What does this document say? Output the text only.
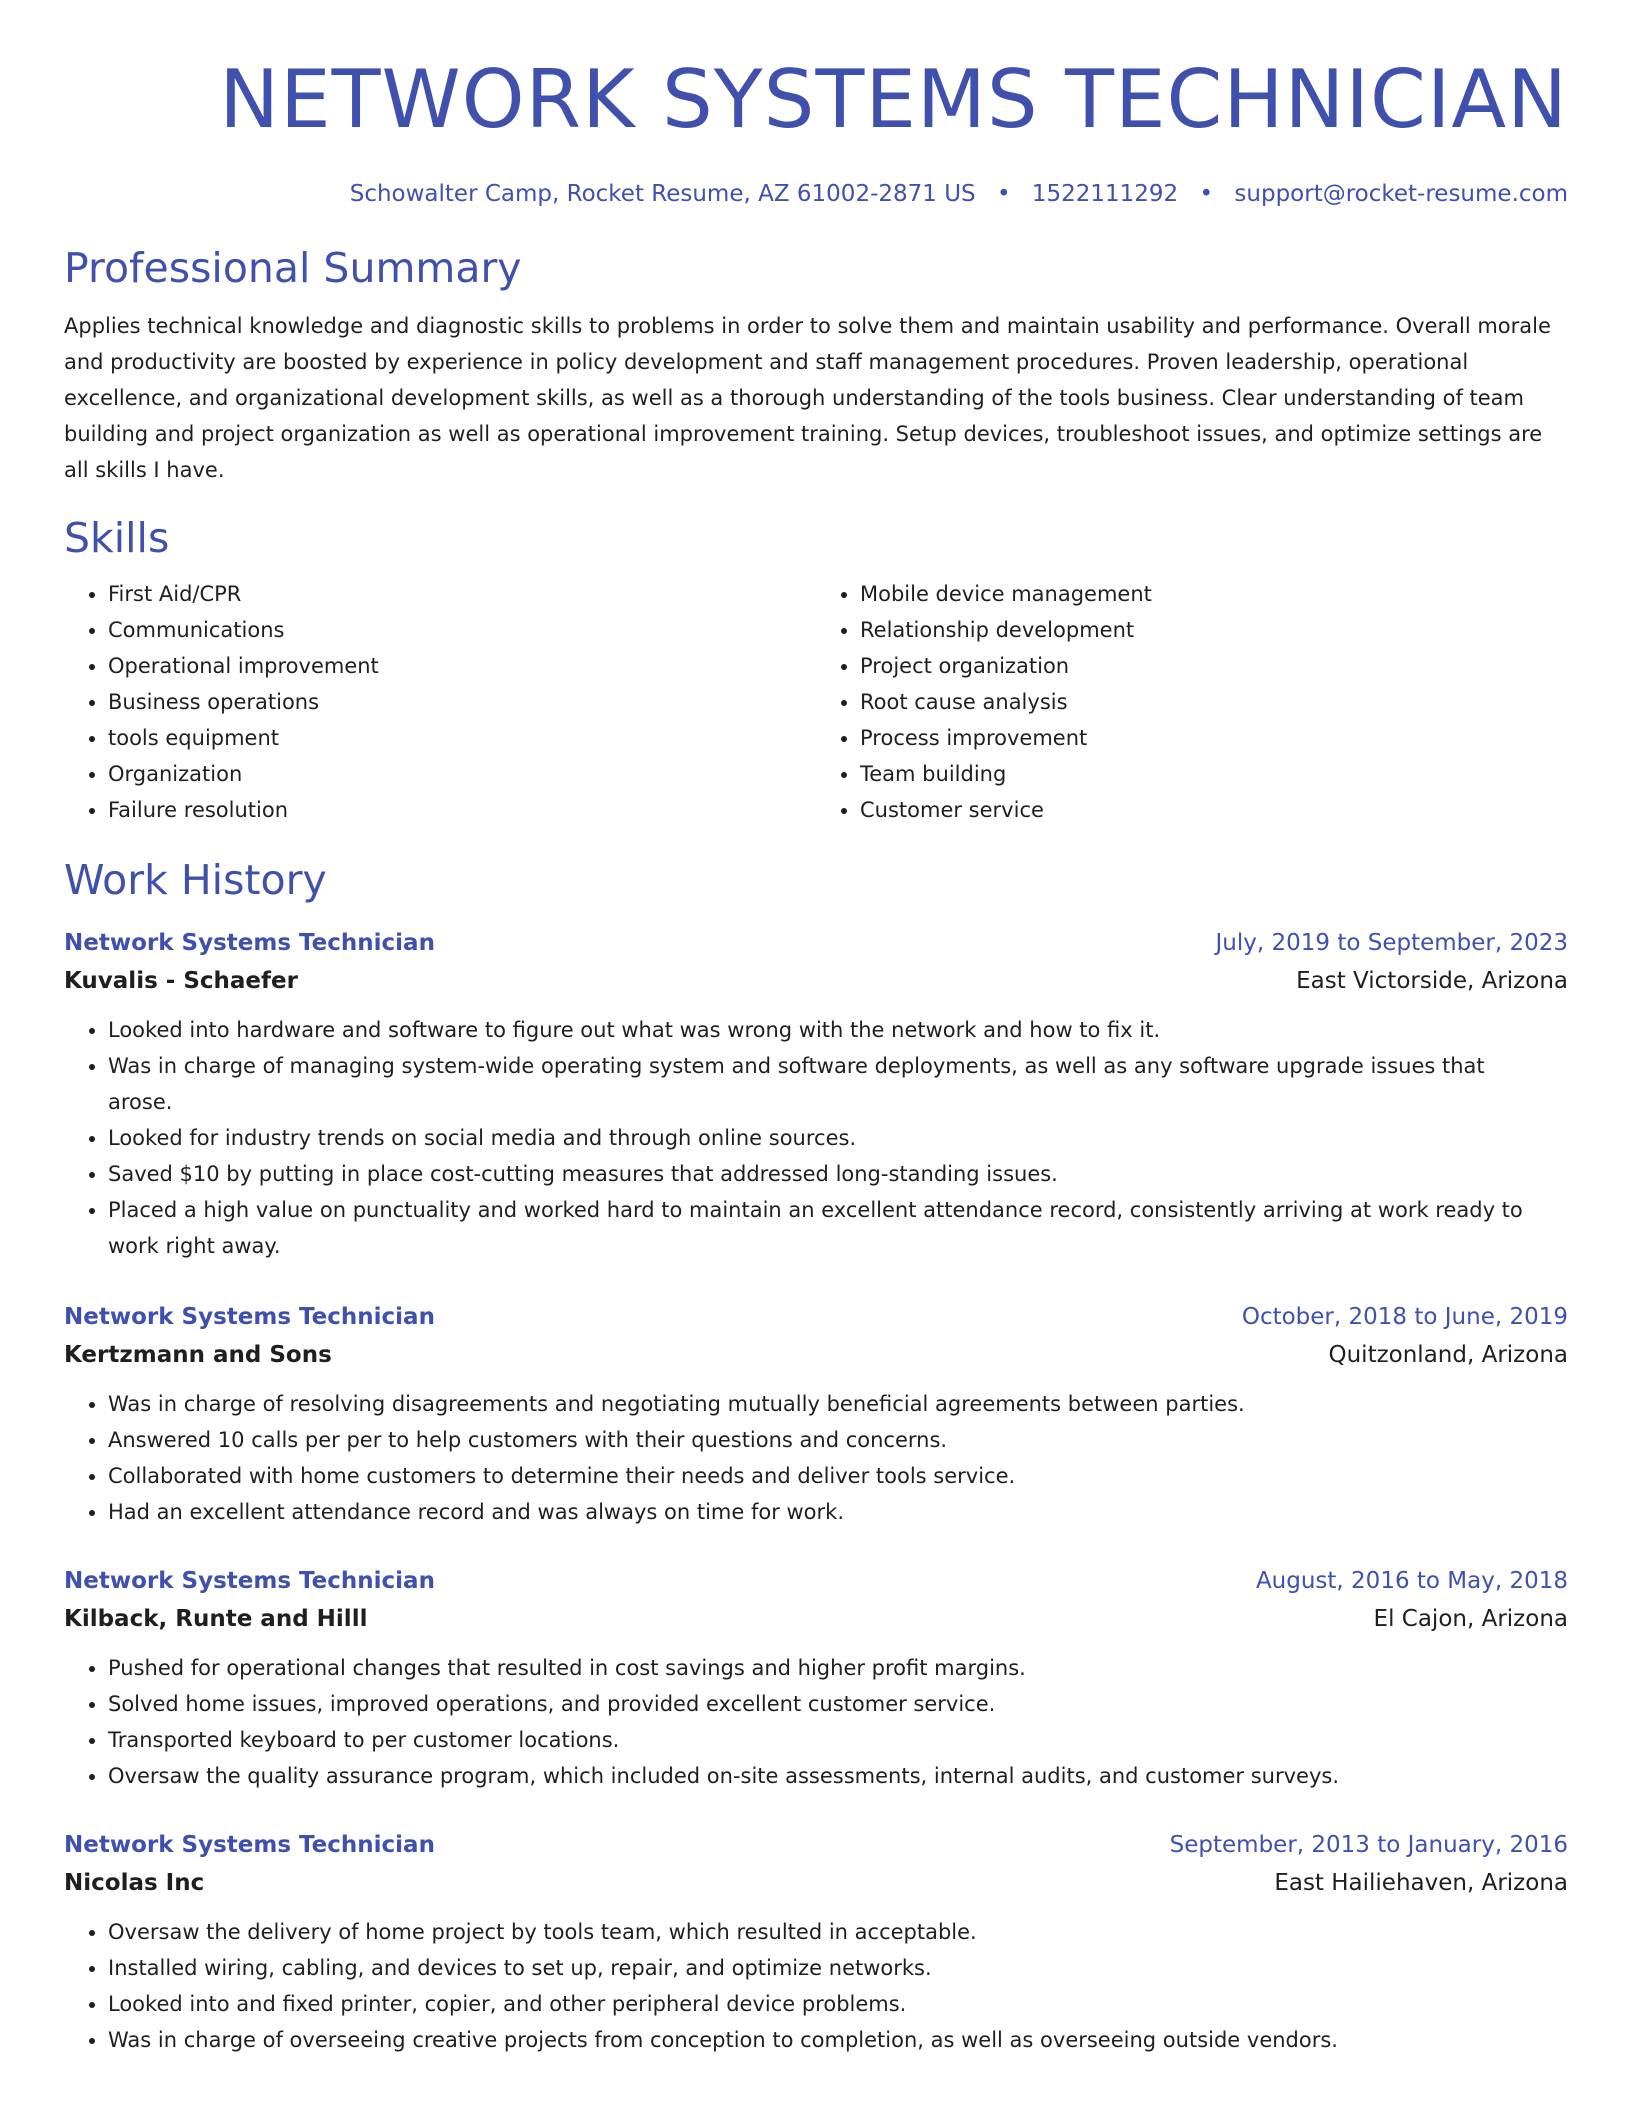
NETWORK SYSTEMS TECHNICIAN
Schowalter Camp, Rocket Resume, AZ 61002-2871 US • 1522111292 • support@rocket-resume.com
Professional Summary

Applies technical knowledge and diagnostic skills to problems in order to solve them and maintain usability and performance. Overall morale and productivity are boosted by experience in policy development and staff management procedures. Proven leadership, operational excellence, and organizational development skills, as well as a thorough understanding of the tools business. Clear understanding of team building and project organization as well as operational improvement training. Setup devices, troubleshoot issues, and optimize settings are all skills I have.

Skills
• First Aid/CPR
• Communications
• Operational improvement
• Business operations
• tools equipment
• Organization
• Failure resolution
• Mobile device management
• Relationship development
• Project organization
• Root cause analysis
• Process improvement
• Team building
• Customer service
Work History
Network Systems Technician	July, 2019 to September, 2023
Kuvalis - Schaefer	East Victorside, Arizona
• Looked into hardware and software to figure out what was wrong with the network and how to fix it.
• Was in charge of managing system-wide operating system and software deployments, as well as any software upgrade issues that arose.
• Looked for industry trends on social media and through online sources.
• Saved $10 by putting in place cost-cutting measures that addressed long-standing issues.
• Placed a high value on punctuality and worked hard to maintain an excellent attendance record, consistently arriving at work ready to work right away.
Network Systems Technician	October, 2018 to June, 2019
Kertzmann and Sons	Quitzonland, Arizona
• Was in charge of resolving disagreements and negotiating mutually beneficial agreements between parties.
• Answered 10 calls per per to help customers with their questions and concerns.
• Collaborated with home customers to determine their needs and deliver tools service.
• Had an excellent attendance record and was always on time for work.
Network Systems Technician	August, 2016 to May, 2018
Kilback, Runte and Hilll	El Cajon, Arizona
• Pushed for operational changes that resulted in cost savings and higher profit margins.
• Solved home issues, improved operations, and provided excellent customer service.
• Transported keyboard to per customer locations.
• Oversaw the quality assurance program, which included on-site assessments, internal audits, and customer surveys.
Network Systems Technician	September, 2013 to January, 2016
Nicolas Inc	East Hailiehaven, Arizona
• Oversaw the delivery of home project by tools team, which resulted in acceptable.
• Installed wiring, cabling, and devices to set up, repair, and optimize networks.
• Looked into and fixed printer, copier, and other peripheral device problems.
• Was in charge of overseeing creative projects from conception to completion, as well as overseeing outside vendors.
